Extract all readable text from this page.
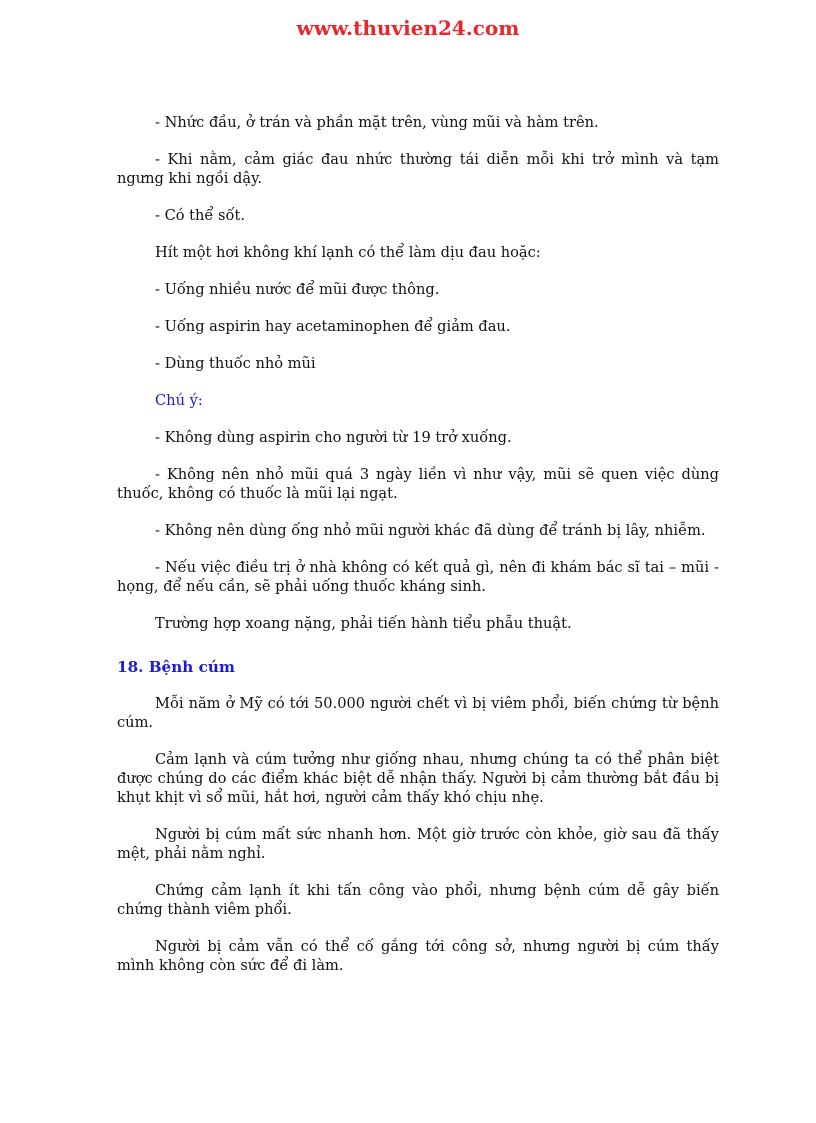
www.thuvien24.com

- Nhức đầu, ở trán và phần mặt trên, vùng mũi và hàm trên.

- Khi nằm, cảm giác đau nhức thường tái diễn mỗi khi trở mình và tạm ngưng khi ngồi dậy.

- Có thể sốt.

Hít một hơi không khí lạnh có thể làm dịu đau hoặc:

- Uống nhiều nước để mũi được thông.

- Uống aspirin hay acetaminophen để giảm đau.

- Dùng thuốc nhỏ mũi

Chú ý:

- Không dùng aspirin cho người từ 19 trở xuống.

- Không nên nhỏ mũi quá 3 ngày liền vì như vậy, mũi sẽ quen việc dùng thuốc, không có thuốc là mũi lại ngạt.

- Không nên dùng ống nhỏ mũi người khác đã dùng để tránh bị lây, nhiễm.

- Nếu việc điều trị ở nhà không có kết quả gì, nên đi khám bác sĩ tai – mũi - họng, để nếu cần, sẽ phải uống thuốc kháng sinh.

Trường hợp xoang nặng, phải tiến hành tiểu phẫu thuật.

18. Bệnh cúm

Mỗi năm ở Mỹ có tới 50.000 người chết vì bị viêm phổi, biến chứng từ bệnh cúm.

Cảm lạnh và cúm tưởng như giống nhau, nhưng chúng ta có thể phân biệt được chúng do các điểm khác biệt dễ nhận thấy. Người bị cảm thường bắt đầu bị khụt khịt vì sổ mũi, hắt hơi, người cảm thấy khó chịu nhẹ.

Người bị cúm mất sức nhanh hơn. Một giờ trước còn khỏe, giờ sau đã thấy mệt, phải nằm nghỉ.

Chứng cảm lạnh ít khi tấn công vào phổi, nhưng bệnh cúm dễ gây biến chứng thành viêm phổi.

Người bị cảm vẫn có thể cố gắng tới công sở, nhưng người bị cúm thấy mình không còn sức để đi làm.
